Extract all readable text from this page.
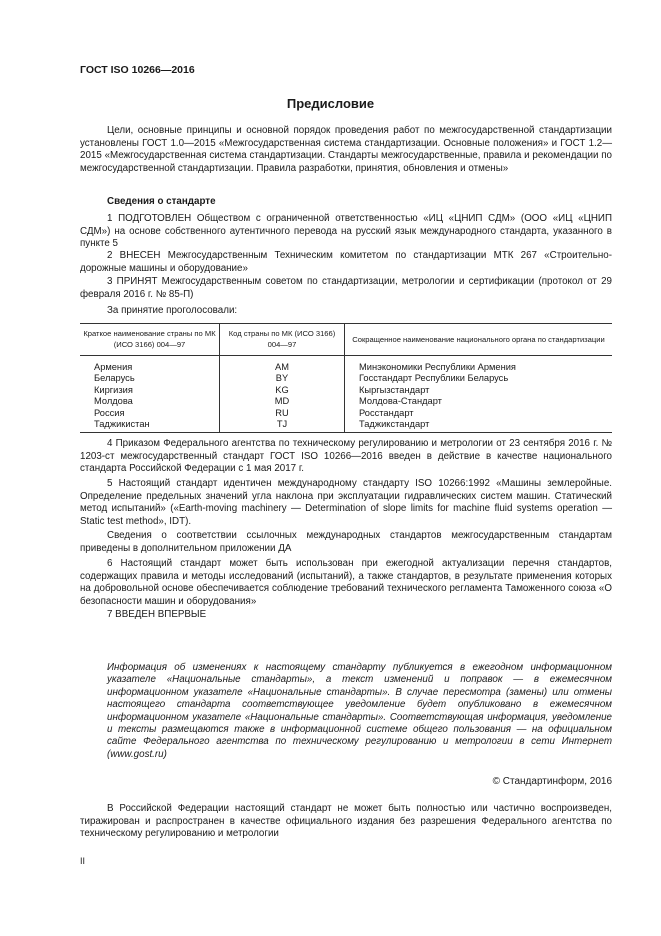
ГОСТ ISO 10266—2016
Предисловие

Цели, основные принципы и основной порядок проведения работ по межгосударственной стандартизации установлены ГОСТ 1.0—2015 «Межгосударственная система стандартизации. Основные положения» и ГОСТ 1.2—2015 «Межгосударственная система стандартизации. Стандарты межгосударственные, правила и рекомендации по межгосударственной стандартизации. Правила разработки, принятия, обновления и отмены»

Сведения о стандарте

1 ПОДГОТОВЛЕН Обществом с ограниченной ответственностью «ИЦ «ЦНИП СДМ» (ООО «ИЦ «ЦНИП СДМ») на основе собственного аутентичного перевода на русский язык международного стандарта, указанного в пункте 5

2 ВНЕСЕН Межгосударственным Техническим комитетом по стандартизации МТК 267 «Строительно-дорожные машины и оборудование»

3 ПРИНЯТ Межгосударственным советом по стандартизации, метрологии и сертификации (протокол от 29 февраля 2016 г. № 85-П)

За принятие проголосовали:
Краткое наименование страны по МК (ИСО 3166) 004—97	Код страны по МК (ИСО 3166) 004—97	Сокращенное наименование национального органа по стандартизации
Армения	AM	Минэкономики Республики Армения
Беларусь	BY	Госстандарт Республики Беларусь
Киргизия	KG	Кыргызстандарт
Молдова	MD	Молдова-Стандарт
Россия	RU	Росстандарт
Таджикистан	TJ	Таджикстандарт

4 Приказом Федерального агентства по техническому регулированию и метрологии от 23 сентября 2016 г. № 1203-ст межгосударственный стандарт ГОСТ ISO 10266—2016 введен в действие в качестве национального стандарта Российской Федерации с 1 мая 2017 г.

5 Настоящий стандарт идентичен международному стандарту ISO 10266:1992 «Машины землеройные. Определение предельных значений угла наклона при эксплуатации гидравлических систем машин. Статический метод испытаний» («Earth-moving machinery — Determination of slope limits for machine fluid systems operation — Static test method», IDT).

Сведения о соответствии ссылочных международных стандартов межгосударственным стандартам приведены в дополнительном приложении ДА

6 Настоящий стандарт может быть использован при ежегодной актуализации перечня стандартов, содержащих правила и методы исследований (испытаний), а также стандартов, в результате применения которых на добровольной основе обеспечивается соблюдение требований технического регламента Таможенного союза «О безопасности машин и оборудования»

7 ВВЕДЕН ВПЕРВЫЕ

Информация об изменениях к настоящему стандарту публикуется в ежегодном информационном указателе «Национальные стандарты», а текст изменений и поправок — в ежемесячном информационном указателе «Национальные стандарты». В случае пересмотра (замены) или отмены настоящего стандарта соответствующее уведомление будет опубликовано в ежемесячном информационном указателе «Национальные стандарты». Соответствующая информация, уведомление и тексты размещаются также в информационной системе общего пользования — на официальном сайте Федерального агентства по техническому регулированию и метрологии в сети Интернет (www.gost.ru)

© Стандартинформ, 2016

В Российской Федерации настоящий стандарт не может быть полностью или частично воспроизведен, тиражирован и распространен в качестве официального издания без разрешения Федерального агентства по техническому регулированию и метрологии

II
